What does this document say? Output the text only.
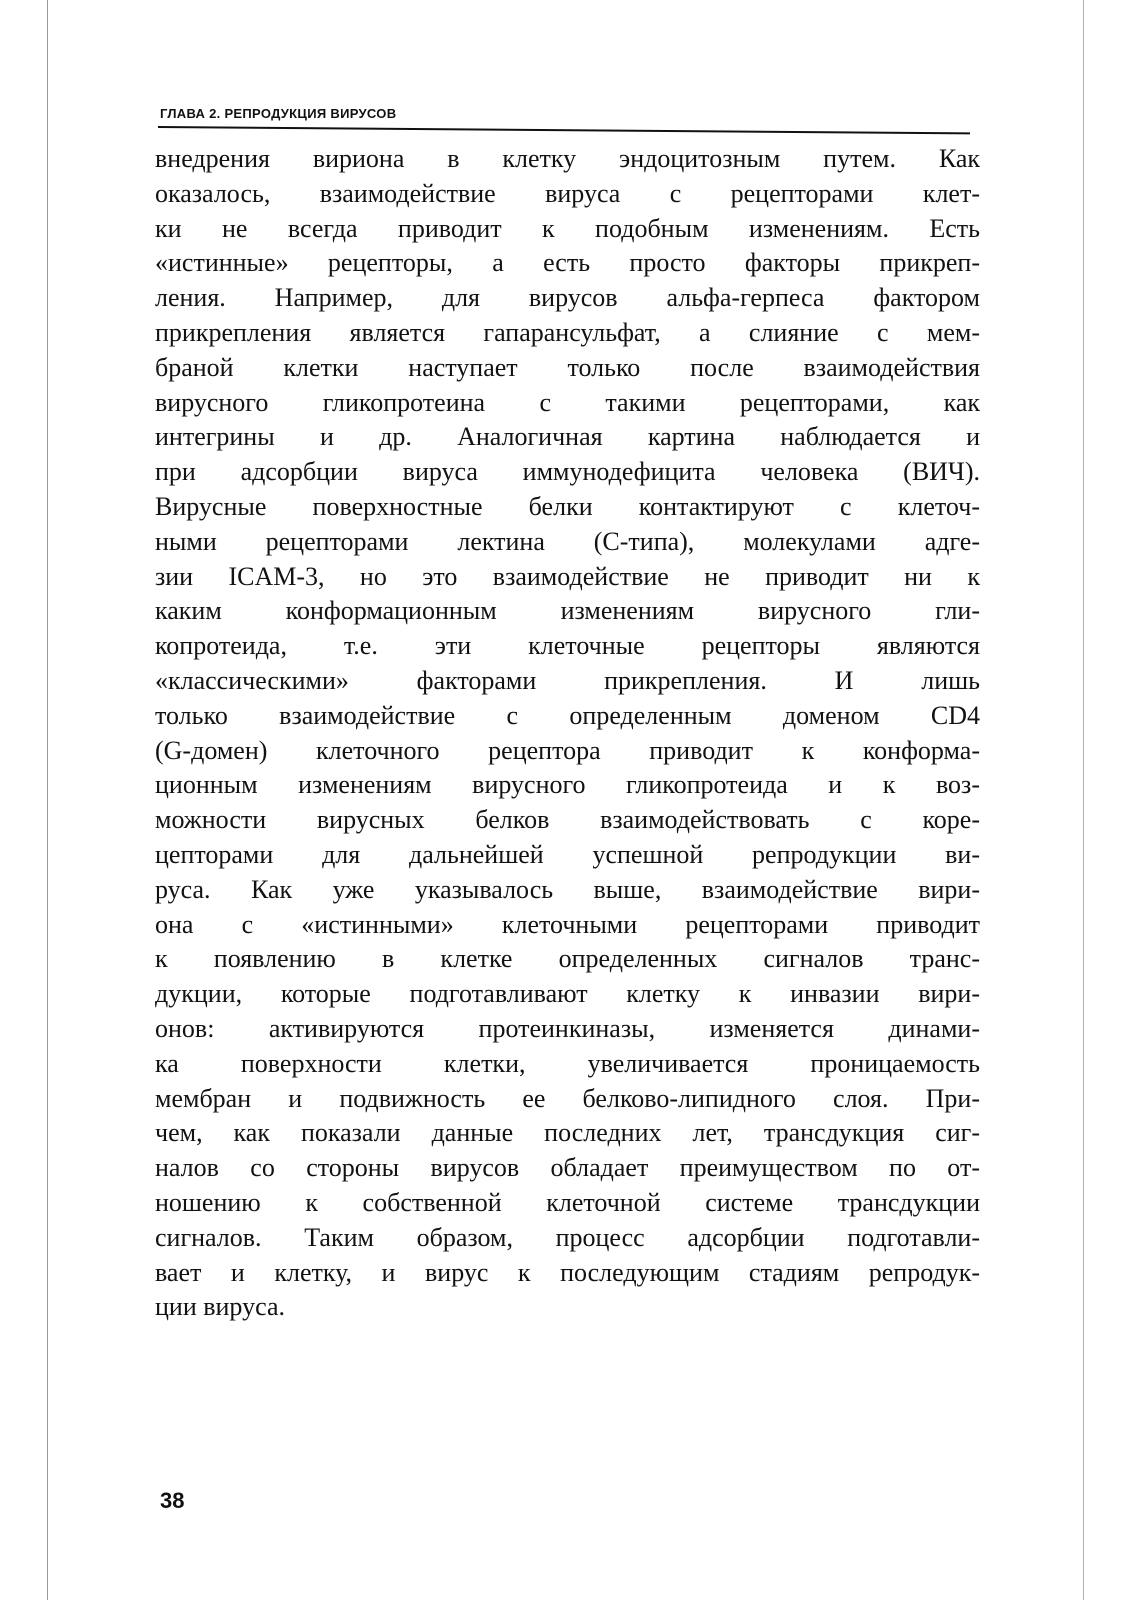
ГЛАВА 2. РЕПРОДУКЦИЯ ВИРУСОВ
внедрения вириона в клетку эндоцитозным путем. Как
оказалось, взаимодействие вируса с рецепторами клет-
ки не всегда приводит к подобным изменениям. Есть
«истинные» рецепторы, а есть просто факторы прикреп-
ления. Например, для вирусов альфа-герпеса фактором
прикрепления является гапарансульфат, а слияние с мем-
браной клетки наступает только после взаимодействия
вирусного гликопротеина с такими рецепторами, как
интегрины и др. Аналогичная картина наблюдается и
при адсорбции вируса иммунодефицита человека (ВИЧ).
Вирусные поверхностные белки контактируют с клеточ-
ными рецепторами лектина (С-типа), молекулами адге-
зии ICAM-3, но это взаимодействие не приводит ни к
каким конформационным изменениям вирусного гли-
копротеида, т.е. эти клеточные рецепторы являются
«классическими» факторами прикрепления. И лишь
только взаимодействие с определенным доменом CD4
(G-домен) клеточного рецептора приводит к конформа-
ционным изменениям вирусного гликопротеида и к воз-
можности вирусных белков взаимодействовать с коре-
цепторами для дальнейшей успешной репродукции ви-
руса. Как уже указывалось выше, взаимодействие вири-
она с «истинными» клеточными рецепторами приводит
к появлению в клетке определенных сигналов транс-
дукции, которые подготавливают клетку к инвазии вири-
онов: активируются протеинкиназы, изменяется динами-
ка поверхности клетки, увеличивается проницаемость
мембран и подвижность ее белково-липидного слоя. При-
чем, как показали данные последних лет, трансдукция сиг-
налов со стороны вирусов обладает преимуществом по от-
ношению к собственной клеточной системе трансдукции
сигналов. Таким образом, процесс адсорбции подготавли-
вает и клетку, и вирус к последующим стадиям репродук-
ции вируса.
38
